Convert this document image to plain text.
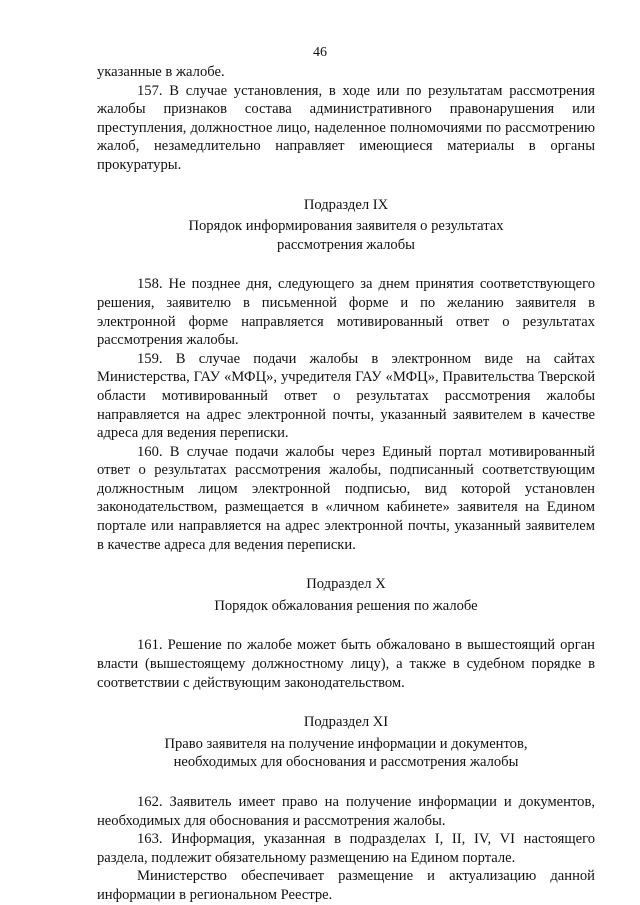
46

указанные в жалобе.

157. В случае установления, в ходе или по результатам рассмотрения жалобы признаков состава административного правонарушения или преступления, должностное лицо, наделенное полномочиями по рассмотрению жалоб, незамедлительно направляет имеющиеся материалы в органы прокуратуры.

Подраздел IX
Порядок информирования заявителя о результатах
рассмотрения жалобы

158. Не позднее дня, следующего за днем принятия соответствующего решения, заявителю в письменной форме и по желанию заявителя в электронной форме направляется мотивированный ответ о результатах рассмотрения жалобы.

159. В случае подачи жалобы в электронном виде на сайтах Министерства, ГАУ «МФЦ», учредителя ГАУ «МФЦ», Правительства Тверской области мотивированный ответ о результатах рассмотрения жалобы направляется на адрес электронной почты, указанный заявителем в качестве адреса для ведения переписки.

160. В случае подачи жалобы через Единый портал мотивированный ответ о результатах рассмотрения жалобы, подписанный соответствующим должностным лицом электронной подписью, вид которой установлен законодательством, размещается в «личном кабинете» заявителя на Едином портале или направляется на адрес электронной почты, указанный заявителем в качестве адреса для ведения переписки.

Подраздел X
Порядок обжалования решения по жалобе

161. Решение по жалобе может быть обжаловано в вышестоящий орган власти (вышестоящему должностному лицу), а также в судебном порядке в соответствии с действующим законодательством.

Подраздел XI
Право заявителя на получение информации и документов,
необходимых для обоснования и рассмотрения жалобы

162. Заявитель имеет право на получение информации и документов, необходимых для обоснования и рассмотрения жалобы.

163. Информация, указанная в подразделах I, II, IV, VI настоящего раздела, подлежит обязательному размещению на Едином портале.

Министерство обеспечивает размещение и актуализацию данной информации в региональном Реестре.
